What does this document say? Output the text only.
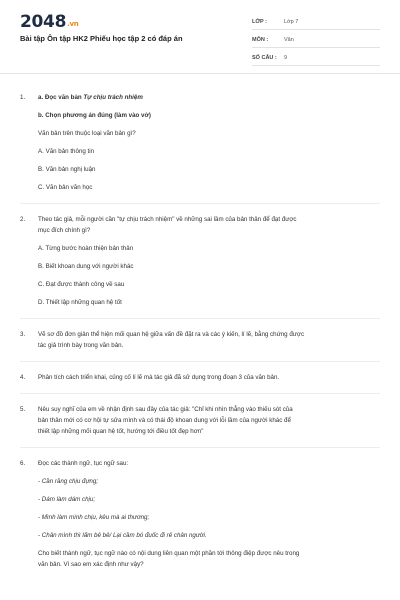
2048.vn
Bài tập Ôn tập HK2 Phiếu học tập 2 có đáp án
LỚP :	Lớp 7
MÔN :	Văn
SỐ CÂU :	9
1. a. Đọc văn bản Tự chịu trách nhiệm
b. Chọn phương án đúng (làm vào vở)
Văn bản trên thuộc loại văn bản gì?
A. Văn bản thông tin
B. Văn bản nghị luận
C. Văn bản văn học
2. Theo tác giả, mỗi người cần "tự chịu trách nhiệm" về những sai lầm của bản thân để đạt được
mục đích chính gì?
A. Từng bước hoàn thiện bản thân
B. Biết khoan dung với người khác
C. Đạt được thành công về sau
D. Thiết lập những quan hệ tốt
3. Vẽ sơ đồ đơn giản thể hiện mối quan hệ giữa vấn đề đặt ra và các ý kiến, lí lẽ, bằng chứng được
tác giả trình bày trong văn bản.
4. Phân tích cách triển khai, củng cố lí lẽ mà tác giả đã sử dụng trong đoạn 3 của văn bản.
5. Nêu suy nghĩ của em về nhận định sau đây của tác giả: "Chỉ khi nhìn thẳng vào thiếu sót của
bản thân mới có cơ hội tự sửa mình và có thái độ khoan dung với lỗi lầm của người khác để
thiết lập những mối quan hệ tốt, hướng tới điều tốt đẹp hơn"
6. Đọc các thành ngữ, tục ngữ sau:
- Cần răng chịu đựng;
- Dám làm dám chịu;
- Mình làm mình chịu, kêu mà ai thương;
- Chân mình thì lấm bê bê/ Lại cầm bó đuốc đi rê chân người.
Cho biết thành ngữ, tục ngữ nào có nội dung liên quan một phần tới thông điệp được nêu trong
văn bản. Vì sao em xác định như vậy?
